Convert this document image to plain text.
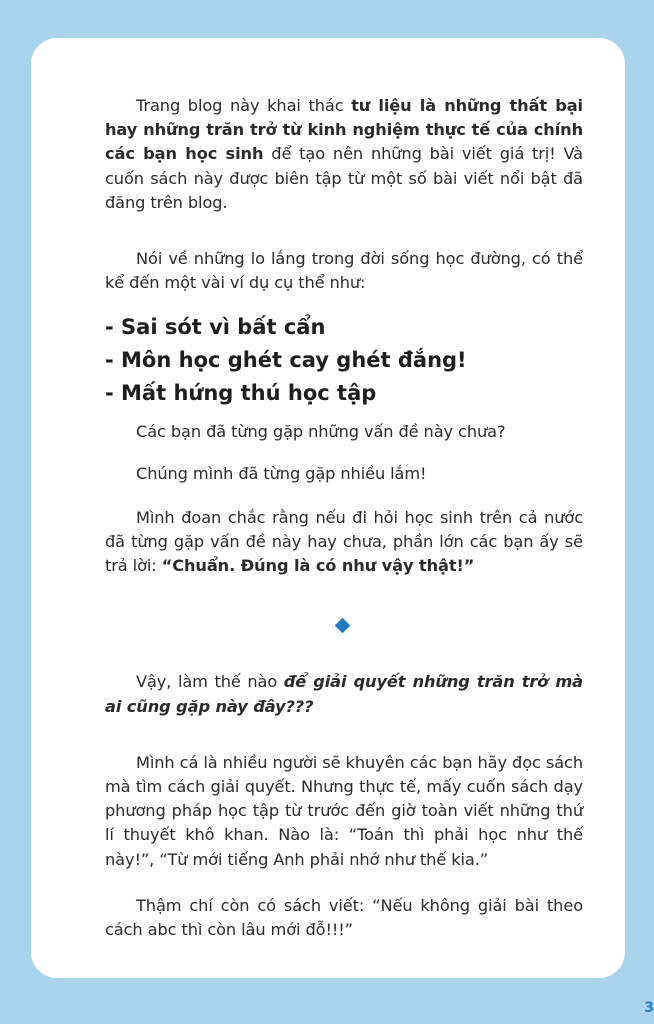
Trang blog này khai thác tư liệu là những thất bại hay những trăn trở từ kinh nghiệm thực tế của chính các bạn học sinh để tạo nên những bài viết giá trị! Và cuốn sách này được biên tập từ một số bài viết nổi bật đã đăng trên blog.

Nói về những lo lắng trong đời sống học đường, có thể kể đến một vài ví dụ cụ thể như:

- Sai sót vì bất cẩn
- Môn học ghét cay ghét đắng!
- Mất hứng thú học tập

Các bạn đã từng gặp những vấn đề này chưa?

Chúng mình đã từng gặp nhiều lắm!

Mình đoan chắc rằng nếu đi hỏi học sinh trên cả nước đã từng gặp vấn đề này hay chưa, phần lớn các bạn ấy sẽ trả lời: “Chuẩn. Đúng là có như vậy thật!”

Vậy, làm thế nào để giải quyết những trăn trở mà ai cũng gặp này đây???

Mình cá là nhiều người sẽ khuyên các bạn hãy đọc sách mà tìm cách giải quyết. Nhưng thực tế, mấy cuốn sách dạy phương pháp học tập từ trước đến giờ toàn viết những thứ lí thuyết khô khan. Nào là: “Toán thì phải học như thế này!”, “Từ mới tiếng Anh phải nhớ như thế kia.”

Thậm chí còn có sách viết: “Nếu không giải bài theo cách abc thì còn lâu mới đỗ!!!”

3
